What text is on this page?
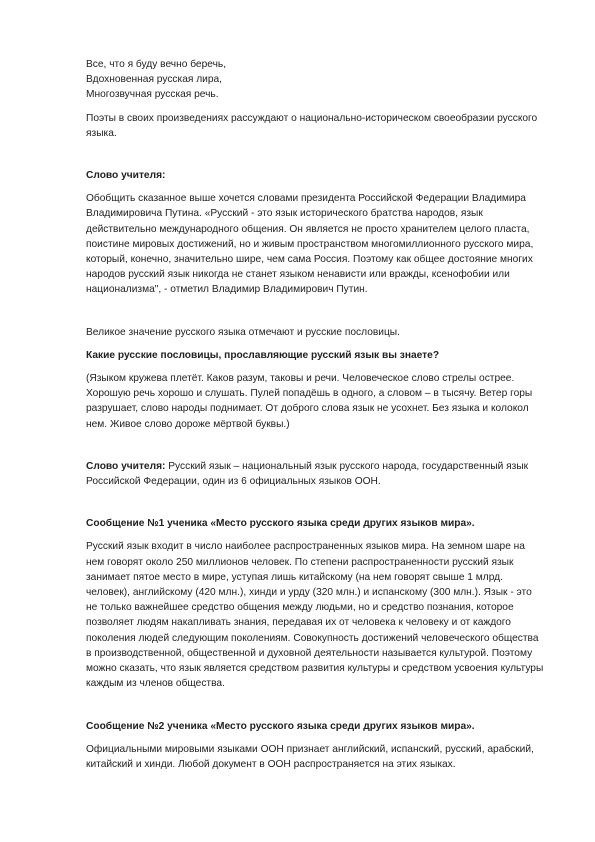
Все, что я буду вечно беречь,

Вдохновенная русская лира,

Многозвучная русская речь.

Поэты в своих произведениях рассуждают о национально-историческом своеобразии русского языка.

Слово учителя:

Обобщить сказанное выше хочется словами президента Российской Федерации Владимира Владимировича Путина. «Русский - это язык исторического братства народов, язык действительно международного общения. Он является не просто хранителем целого пласта, поистине мировых достижений, но и живым пространством многомиллионного русского мира, который, конечно, значительно шире, чем сама Россия. Поэтому как общее достояние многих народов русский язык никогда не станет языком ненависти или вражды, ксенофобии или национализма", - отметил Владимир Владимирович Путин.

Великое значение русского языка отмечают и русские пословицы.

Какие русские пословицы, прославляющие русский язык вы знаете?

(Языком кружева плетёт. Каков разум, таковы и речи. Человеческое слово стрелы острее. Хорошую речь хорошо и слушать. Пулей попадёшь в одного, а словом – в тысячу. Ветер горы разрушает, слово народы поднимает. От доброго слова язык не усохнет. Без языка и колокол нем. Живое слово дороже мёртвой буквы.)

Слово учителя: Русский язык – национальный язык русского народа, государственный язык Российской Федерации, один из 6 официальных языков ООН.

Сообщение №1 ученика «Место русского языка среди других языков мира».

Русский язык входит в число наиболее распространенных языков мира. На земном шаре на нем говорят около 250 миллионов человек. По степени распространенности русский язык занимает пятое место в мире, уступая лишь китайскому (на нем говорят свыше 1 млрд. человек), английскому (420 млн.), хинди и урду (320 млн.) и испанскому (300 млн.). Язык - это не только важнейшее средство общения между людьми, но и средство познания, которое позволяет людям накапливать знания, передавая их от человека к человеку и от каждого поколения людей следующим поколениям. Совокупность достижений человеческого общества в производственной, общественной и духовной деятельности называется культурой. Поэтому можно сказать, что язык является средством развития культуры и средством усвоения культуры каждым из членов общества.

Сообщение №2 ученика «Место русского языка среди других языков мира».

Официальными мировыми языками ООН признает английский, испанский, русский, арабский, китайский и хинди. Любой документ в ООН распространяется на этих языках.
